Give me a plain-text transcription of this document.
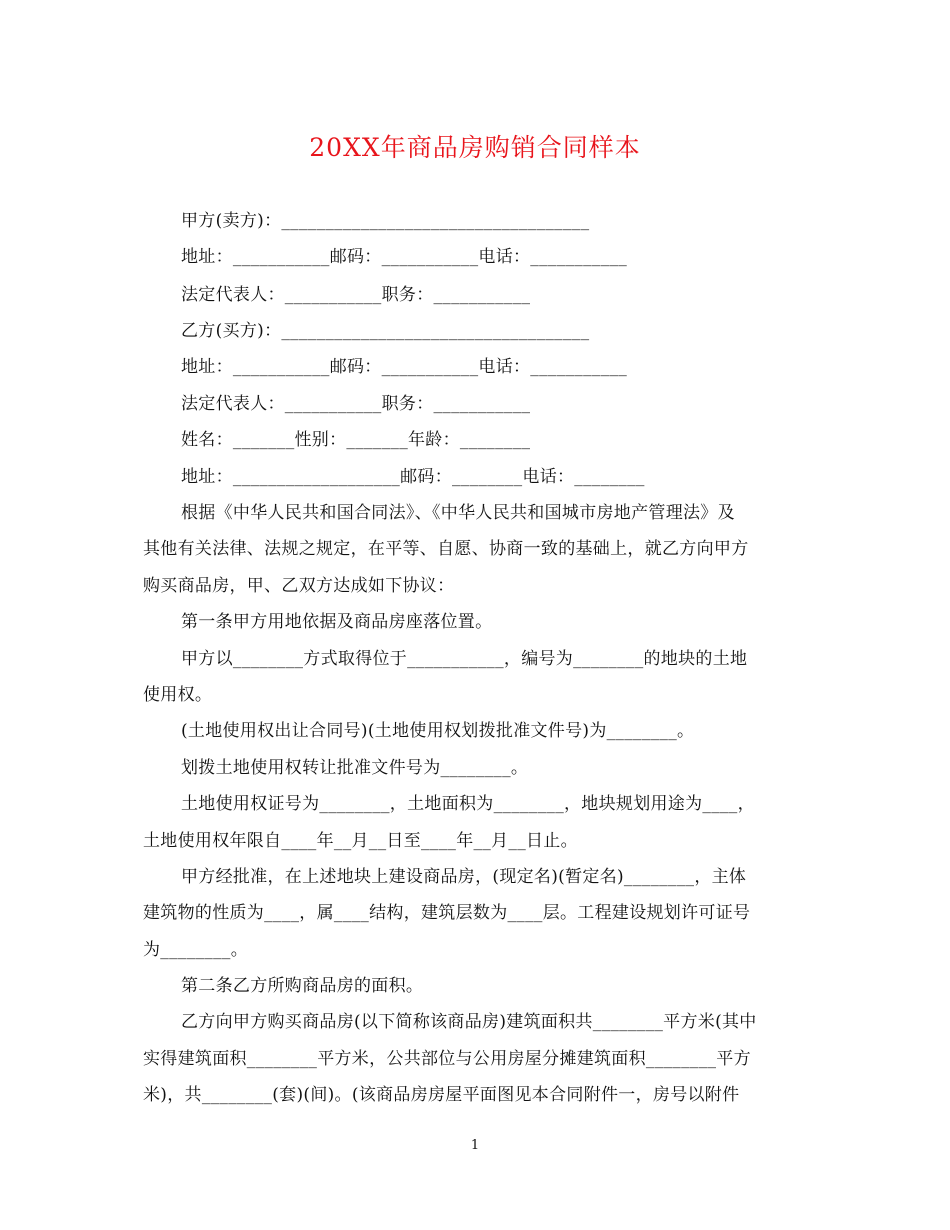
20XX年商品房购销合同样本
甲方(卖方)：___________________________________
地址：___________邮码：___________电话：___________
法定代表人：___________职务：___________
乙方(买方)：___________________________________
地址：___________邮码：___________电话：___________
法定代表人：___________职务：___________
姓名：_______性别：_______年龄：________
地址：___________________邮码：________电话：________
根据《中华人民共和国合同法》、《中华人民共和国城市房地产管理法》及
其他有关法律、法规之规定，在平等、自愿、协商一致的基础上，就乙方向甲方
购买商品房，甲、乙双方达成如下协议：
第一条甲方用地依据及商品房座落位置。
甲方以________方式取得位于___________，编号为________的地块的土地
使用权。
(土地使用权出让合同号)(土地使用权划拨批准文件号)为________。
划拨土地使用权转让批准文件号为________。
土地使用权证号为________，土地面积为________，地块规划用途为____，
土地使用权年限自____年__月__日至____年__月__日止。
甲方经批准，在上述地块上建设商品房，(现定名)(暂定名)________，主体
建筑物的性质为____，属____结构，建筑层数为____层。工程建设规划许可证号
为________。
第二条乙方所购商品房的面积。
乙方向甲方购买商品房(以下简称该商品房)建筑面积共________平方米(其中
实得建筑面积________平方米，公共部位与公用房屋分摊建筑面积________平方
米)，共________(套)(间)。(该商品房房屋平面图见本合同附件一，房号以附件
1
